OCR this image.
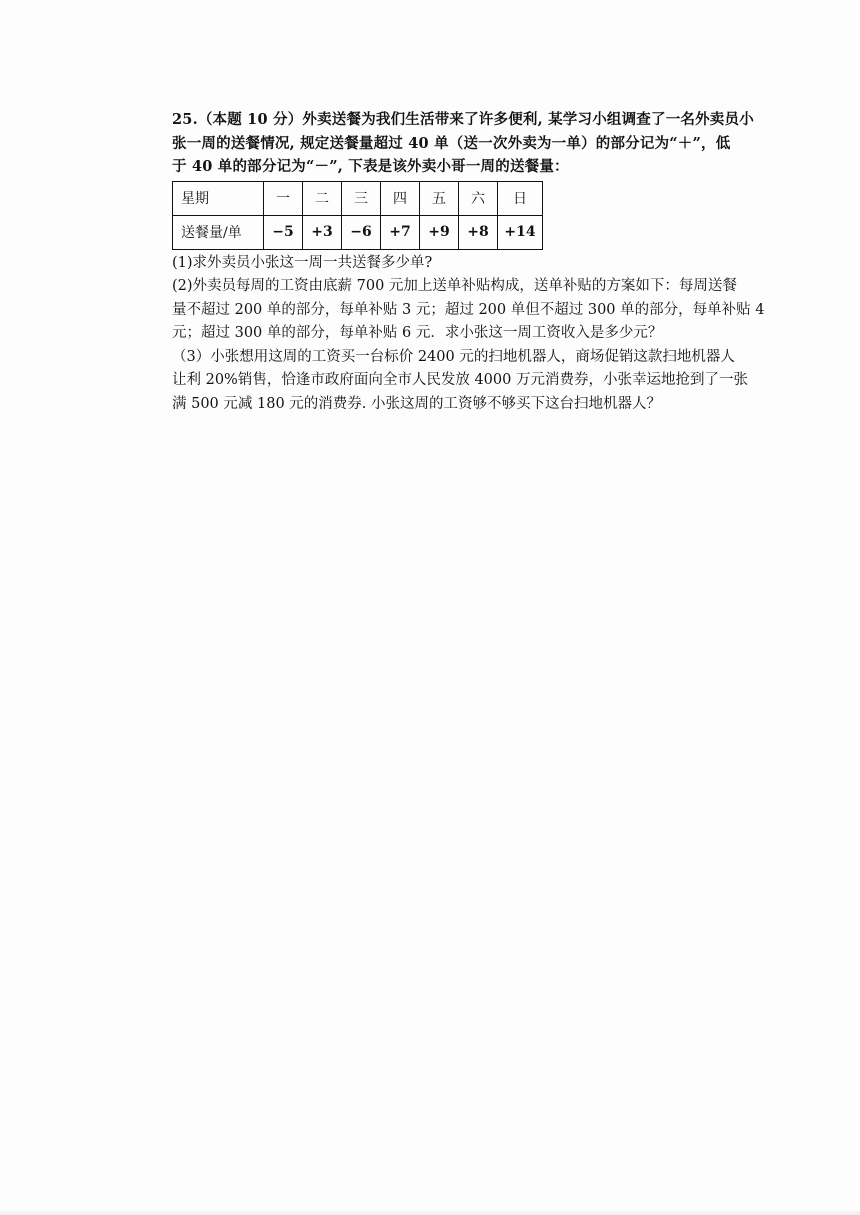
25.（本题 10 分）外卖送餐为我们生活带来了许多便利, 某学习小组调查了一名外卖员小
张一周的送餐情况, 规定送餐量超过 40 单（送一次外卖为一单）的部分记为“＋”，低
于 40 单的部分记为“－”, 下表是该外卖小哥一周的送餐量：
星期	一	二	三	四	五	六	日
送餐量/单	−5	+3	−6	+7	+9	+8	+14
(1)求外卖员小张这一周一共送餐多少单?
(2)外卖员每周的工资由底薪 700 元加上送单补贴构成，送单补贴的方案如下：每周送餐
量不超过 200 单的部分，每单补贴 3 元；超过 200 单但不超过 300 单的部分，每单补贴 4
元；超过 300 单的部分，每单补贴 6 元．求小张这一周工资收入是多少元？
（3）小张想用这周的工资买一台标价 2400 元的扫地机器人，商场促销这款扫地机器人
让利 20%销售，恰逢市政府面向全市人民发放 4000 万元消费券，小张幸运地抢到了一张
满 500 元减 180 元的消费券. 小张这周的工资够不够买下这台扫地机器人？
